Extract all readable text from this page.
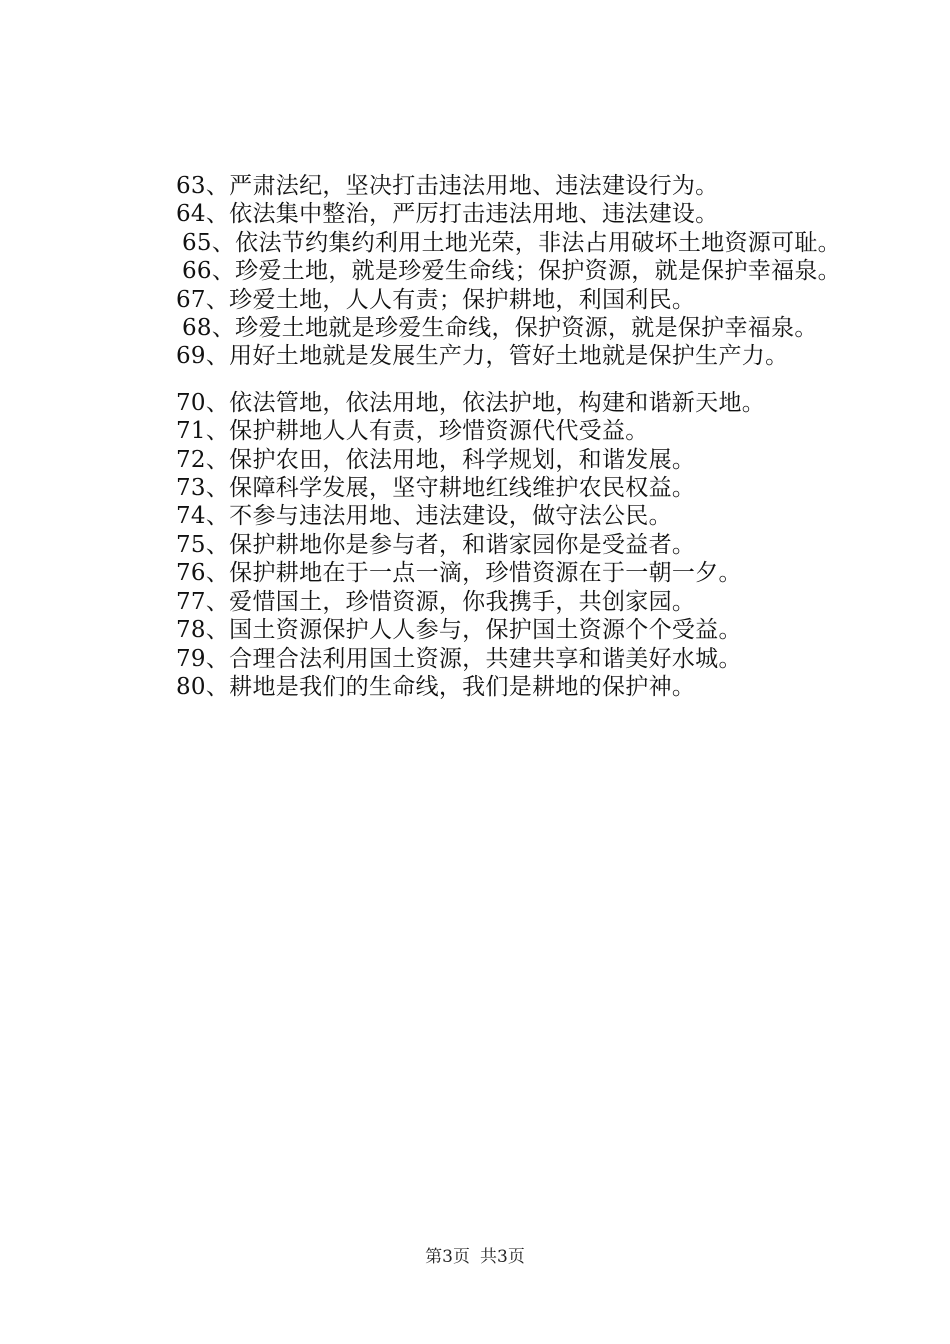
63、严肃法纪，坚决打击违法用地、违法建设行为。

64、依法集中整治，严厉打击违法用地、违法建设。

65、依法节约集约利用土地光荣，非法占用破坏土地资源可耻。

66、珍爱土地，就是珍爱生命线；保护资源，就是保护幸福泉。

67、珍爱土地，人人有责；保护耕地，利国利民。

68、珍爱土地就是珍爱生命线，保护资源，就是保护幸福泉。

69、用好土地就是发展生产力，管好土地就是保护生产力。

70、依法管地，依法用地，依法护地，构建和谐新天地。

71、保护耕地人人有责，珍惜资源代代受益。

72、保护农田，依法用地，科学规划，和谐发展。

73、保障科学发展，坚守耕地红线维护农民权益。

74、不参与违法用地、违法建设，做守法公民。

75、保护耕地你是参与者，和谐家园你是受益者。

76、保护耕地在于一点一滴，珍惜资源在于一朝一夕。

77、爱惜国土，珍惜资源，你我携手，共创家园。

78、国土资源保护人人参与，保护国土资源个个受益。

79、合理合法利用国土资源，共建共享和谐美好水城。

80、耕地是我们的生命线，我们是耕地的保护神。

第3页 共3页
